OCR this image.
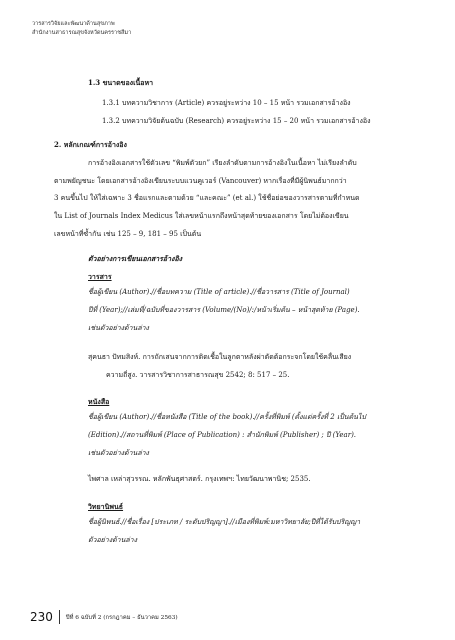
วารสารวิจัยและพัฒนาด้านสุขภาพ
สำนักงานสาธารณสุขจังหวัดนครราชสีมา
1.3 ขนาดของเนื้อหา
1.3.1 บทความวิชาการ (Article) ควรอยู่ระหว่าง 10 – 15 หน้า รวมเอกสารอ้างอิง
1.3.2 บทความวิจัยต้นฉบับ (Research) ควรอยู่ระหว่าง 15 – 20 หน้า รวมเอกสารอ้างอิง
2. หลักเกณฑ์การอ้างอิง
การอ้างอิงเอกสารใช้ตัวเลข “พิมพ์ตัวยก” เรียงลำดับตามการอ้างอิงในเนื้อหา ไม่เรียงลำดับ
ตามพยัญชนะ โดยเอกสารอ้างอิงเขียนระบบแวนคูเวอร์ (Vancouver) หากเรื่องที่มีผู้นิพนธ์มากกว่า
3 คนขึ้นไป ให้ใส่เฉพาะ 3 ชื่อแรกและตามด้วย “และคณะ” (et al.) ใช้ชื่อย่อของวารสารตามที่กำหนด
ใน List of Journals Index Medicus ใส่เลขหน้าแรกถึงหน้าสุดท้ายของเอกสาร โดยไม่ต้องเขียน
เลขหน้าที่ซ้ำกัน เช่น 125 – 9, 181 – 95 เป็นต้น
ตัวอย่างการเขียนเอกสารอ้างอิง
วารสาร
ชื่อผู้เขียน (Author).//ชื่อบทความ (Title of article).//ชื่อวารสาร (Title of Journal)
ปีที่ (Year);//เล่มที่/ฉบับที่ของวารสาร (Volume/(No)/:/หน้าเริ่มต้น – หน้าสุดท้าย (Page).
เช่นตัวอย่างด้านล่าง
สุคนธา ปัทมสิงห์. การถักเสนจากการติดเชื้อในลูกตาหลังผ่าตัดต้อกระจกโดยใช้คลื่นเสียง
ความถี่สูง. วารสารวิชาการสาธารณสุข 2542; 8: 517 – 25.
หนังสือ
ชื่อผู้เขียน (Author).//ชื่อหนังสือ (Title of the book).//ครั้งที่พิมพ์ (ตั้งแต่ครั้งที่ 2 เป็นต้นไป
(Edition).//สถานที่พิมพ์ (Place of Publication) : สำนักพิมพ์ (Publisher) ; ปี (Year).
เช่นตัวอย่างด้านล่าง
ไพศาล เหล่าสุวรรณ. หลักพันธุศาสตร์. กรุงเทพฯ: ไทยวัฒนาพานิช; 2535.
วิทยานิพนธ์
ชื่อผู้นิพนธ์.//ชื่อเรื่อง [ประเภท / ระดับปริญญา].//เมืองที่พิมพ์:มหาวิทยาลัย;ปีที่ได้รับปริญญา
ตัวอย่างด้านล่าง
230 ปีที่ 6 ฉบับที่ 2 (กรกฎาคม – ธันวาคม 2563)
